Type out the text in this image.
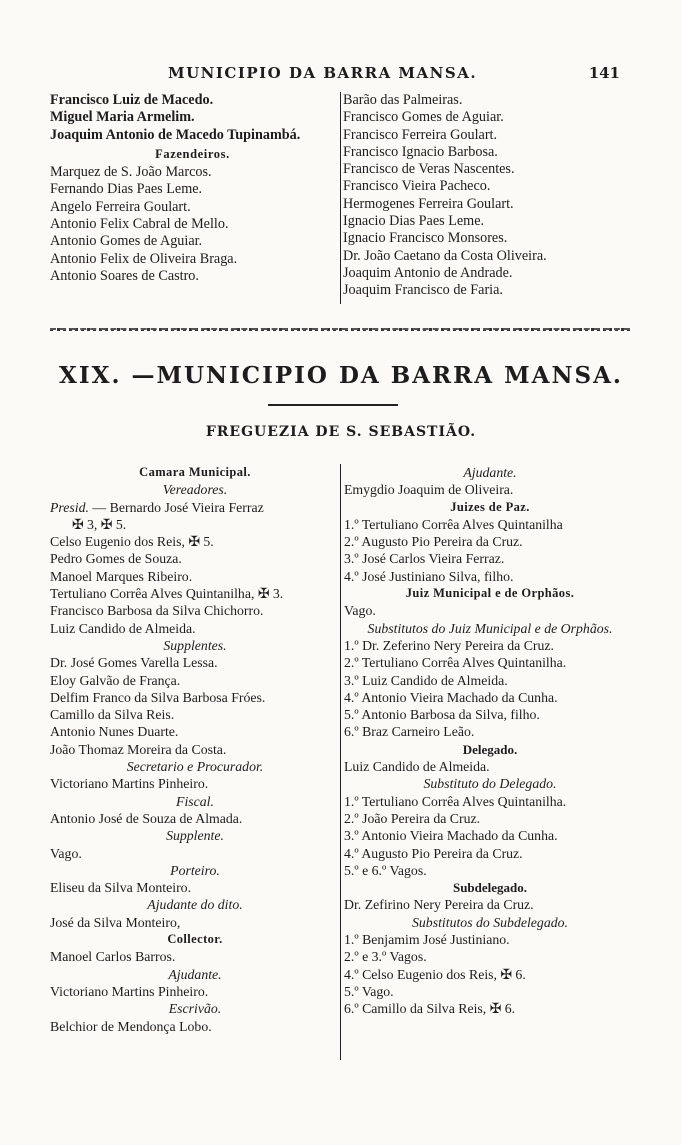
MUNICIPIO DA BARRA MANSA.	141
Francisco Luiz de Macedo.
Miguel Maria Armelim.
Joaquim Antonio de Macedo Tupinambá.
Fazendeiros.
Marquez de S. João Marcos.
Fernando Dias Paes Leme.
Angelo Ferreira Goulart.
Antonio Felix Cabral de Mello.
Antonio Gomes de Aguiar.
Antonio Felix de Oliveira Braga.
Antonio Soares de Castro.
Barão das Palmeiras.
Francisco Gomes de Aguiar.
Francisco Ferreira Goulart.
Francisco Ignacio Barbosa.
Francisco de Veras Nascentes.
Francisco Vieira Pacheco.
Hermogenes Ferreira Goulart.
Ignacio Dias Paes Leme.
Ignacio Francisco Monsores.
Dr. João Caetano da Costa Oliveira.
Joaquim Antonio de Andrade.
Joaquim Francisco de Faria.
XIX. —MUNICIPIO DA BARRA MANSA.
FREGUEZIA DE S. SEBASTIÃO.
Camara Municipal.
Vereadores.
Presid. — Bernardo José Vieira Ferraz
✠ 3, ✠ 5.
Celso Eugenio dos Reis, ✠ 5.
Pedro Gomes de Souza.
Manoel Marques Ribeiro.
Tertuliano Corrêa Alves Quintanilha, ✠ 3.
Francisco Barbosa da Silva Chichorro.
Luiz Candido de Almeida.
Supplentes.
Dr. José Gomes Varella Lessa.
Eloy Galvão de França.
Delfim Franco da Silva Barbosa Fróes.
Camillo da Silva Reis.
Antonio Nunes Duarte.
João Thomaz Moreira da Costa.
Secretario e Procurador.
Victoriano Martins Pinheiro.
Fiscal.
Antonio José de Souza de Almada.
Supplente.
Vago.
Porteiro.
Eliseu da Silva Monteiro.
Ajudante do dito.
José da Silva Monteiro,
Collector.
Manoel Carlos Barros.
Ajudante.
Victoriano Martins Pinheiro.
Escrivão.
Belchior de Mendonça Lobo.
Ajudante.
Emygdio Joaquim de Oliveira.
Juizes de Paz.
1.º Tertuliano Corrêa Alves Quintanilha
2.º Augusto Pio Pereira da Cruz.
3.º José Carlos Vieira Ferraz.
4.º José Justiniano Silva, filho.
Juiz Municipal e de Orphãos.
Vago.
Substitutos do Juiz Municipal e de Orphãos.
1.º Dr. Zeferino Nery Pereira da Cruz.
2.º Tertuliano Corrêa Alves Quintanilha.
3.º Luiz Candido de Almeida.
4.º Antonio Vieira Machado da Cunha.
5.º Antonio Barbosa da Silva, filho.
6.º Braz Carneiro Leão.
Delegado.
Luiz Candido de Almeida.
Substituto do Delegado.
1.º Tertuliano Corrêa Alves Quintanilha.
2.º João Pereira da Cruz.
3.º Antonio Vieira Machado da Cunha.
4.º Augusto Pio Pereira da Cruz.
5.º e 6.º Vagos.
Subdelegado.
Dr. Zefirino Nery Pereira da Cruz.
Substitutos do Subdelegado.
1.º Benjamim José Justiniano.
2.º e 3.º Vagos.
4.º Celso Eugenio dos Reis, ✠ 6.
5.º Vago.
6.º Camillo da Silva Reis, ✠ 6.
